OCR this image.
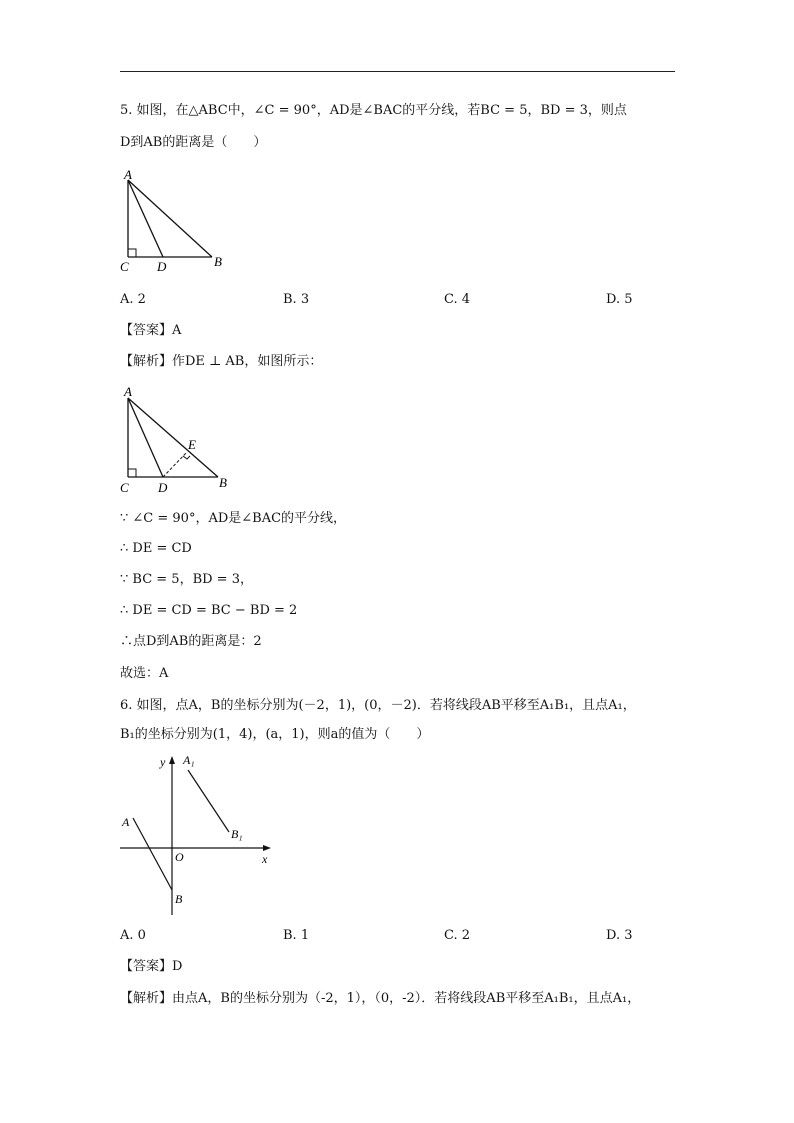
5. 如图，在△ABC中，∠C = 90°，AD是∠BAC的平分线，若BC = 5，BD = 3，则点
D到AB的距离是（　　）
A
C D	B
A. 2	B. 3	C. 4	D. 5
【答案】A
【解析】作DE ⊥ AB，如图所示：
A
E
C D	B
∵ ∠C = 90°，AD是∠BAC的平分线，
∴ DE = CD
∵ BC = 5，BD = 3，
∴ DE = CD = BC − BD = 2
∴点D到AB的距离是：2
故选：A
6. 如图，点A，B的坐标分别为(－2，1)，(0，－2)．若将线段AB平移至A₁B₁，且点A₁，
B₁的坐标分别为(1，4)，(a，1)，则a的值为（　　）
y A₁
A
B₁
O	x
B
A. 0	B. 1	C. 2	D. 3
【答案】D
【解析】由点A，B的坐标分别为（-2，1），（0，-2）．若将线段AB平移至A₁B₁，且点A₁，
